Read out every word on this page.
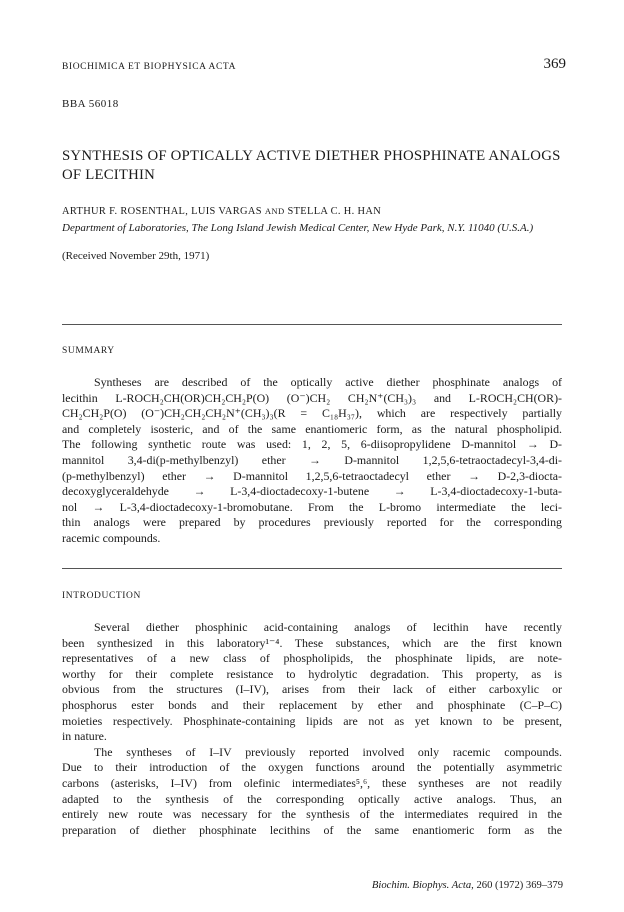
BIOCHIMICA ET BIOPHYSICA ACTA	369
BBA 56018
SYNTHESIS OF OPTICALLY ACTIVE DIETHER PHOSPHINATE ANALOGS OF LECITHIN
ARTHUR F. ROSENTHAL, LUIS VARGAS AND STELLA C. H. HAN
Department of Laboratories, The Long Island Jewish Medical Center, New Hyde Park, N.Y. 11040 (U.S.A.)
(Received November 29th, 1971)
SUMMARY
Syntheses are described of the optically active diether phosphinate analogs of
lecithin L-ROCH₂CH(OR)CH₂CH₂P(O) (O⁻)CH₂ CH₂N⁺(CH₃)₃ and L-ROCH₂CH(OR)-
CH₂CH₂P(O) (O⁻)CH₂CH₂CH₂N⁺(CH₃)₃(R = C₁₈H₃₇), which are respectively partially
and completely isosteric, and of the same enantiomeric form, as the natural phospholipid.
The following synthetic route was used: 1, 2, 5, 6-diisopropylidene D-mannitol → D-
mannitol 3,4-di(p-methylbenzyl) ether → D-mannitol 1,2,5,6-tetraoctadecyl-3,4-di-
(p-methylbenzyl) ether → D-mannitol 1,2,5,6-tetraoctadecyl ether → D-2,3-diocta-
decoxyglyceraldehyde → L-3,4-dioctadecoxy-1-butene → L-3,4-dioctadecoxy-1-buta-
nol → L-3,4-dioctadecoxy-1-bromobutane. From the L-bromo intermediate the leci-
thin analogs were prepared by procedures previously reported for the corresponding
racemic compounds.
INTRODUCTION
Several diether phosphinic acid-containing analogs of lecithin have recently
been synthesized in this laboratory¹⁻⁴. These substances, which are the first known
representatives of a new class of phospholipids, the phosphinate lipids, are note-
worthy for their complete resistance to hydrolytic degradation. This property, as is
obvious from the structures (I–IV), arises from their lack of either carboxylic or
phosphorus ester bonds and their replacement by ether and phosphinate (C–P–C)
moieties respectively. Phosphinate-containing lipids are not as yet known to be present,
in nature.
The syntheses of I–IV previously reported involved only racemic compounds.
Due to their introduction of the oxygen functions around the potentially asymmetric
carbons (asterisks, I–IV) from olefinic intermediates⁵,⁶, these syntheses are not readily
adapted to the synthesis of the corresponding optically active analogs. Thus, an
entirely new route was necessary for the synthesis of the intermediates required in the
preparation of diether phosphinate lecithins of the same enantiomeric form as the
Biochim. Biophys. Acta, 260 (1972) 369–379
